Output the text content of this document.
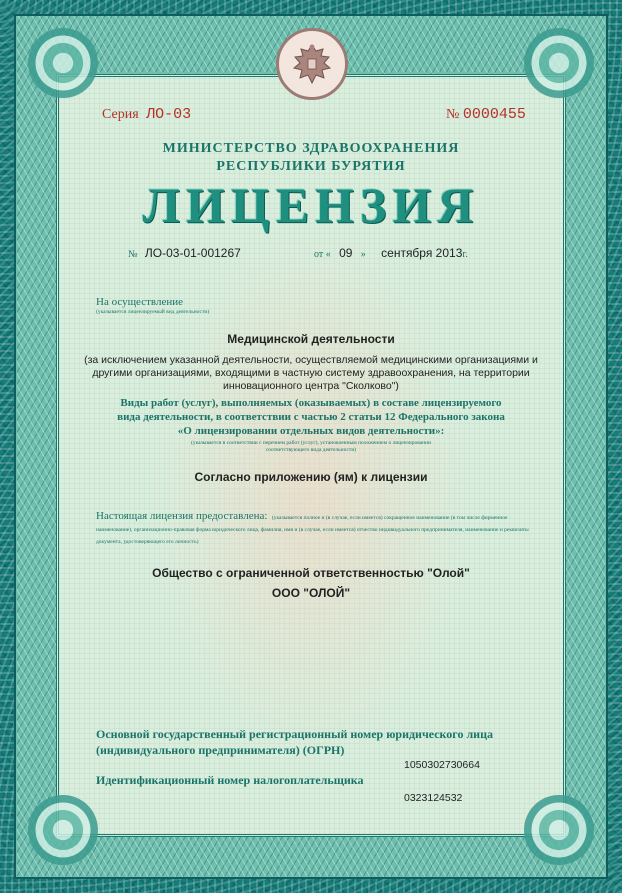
Серия ЛО-03	№ 0000455
МИНИСТЕРСТВО ЗДРАВООХРАНЕНИЯ
РЕСПУБЛИКИ БУРЯТИЯ
ЛИЦЕНЗИЯ
№ ЛО-03-01-001267	от « 09 » сентября 2013г.
На осуществление
(указывается лицензируемый вид деятельности)
Медицинской деятельности
(за исключением указанной деятельности, осуществляемой медицинскими организациями и другими организациями, входящими в частную систему здравоохранения, на территории инновационного центра "Сколково")
Виды работ (услуг), выполняемых (оказываемых) в составе лицензируемого
вида деятельности, в соответствии с частью 2 статьи 12 Федерального закона
«О лицензировании отдельных видов деятельности»:
(указывается в соответствии с перечнем работ (услуг), установленным положением о лицензировании
соответствующего вида деятельности)
Согласно приложению (ям) к лицензии
Настоящая лицензия предоставлена: (указывается полное и (в случае, если имеется) сокращенное наименование (в том числе фирменное наименование), организационно-правовая форма юридического лица, фамилия, имя и (в случае, если имеется) отчество индивидуального предпринимателя, наименование и реквизиты документа, удостоверяющего его личность)
Общество с ограниченной ответственностью "Олой"
ООО "ОЛОЙ"
Основной государственный регистрационный номер юридического лица
(индивидуального предпринимателя) (ОГРН)
1050302730664
Идентификационный номер налогоплательщика
0323124532
